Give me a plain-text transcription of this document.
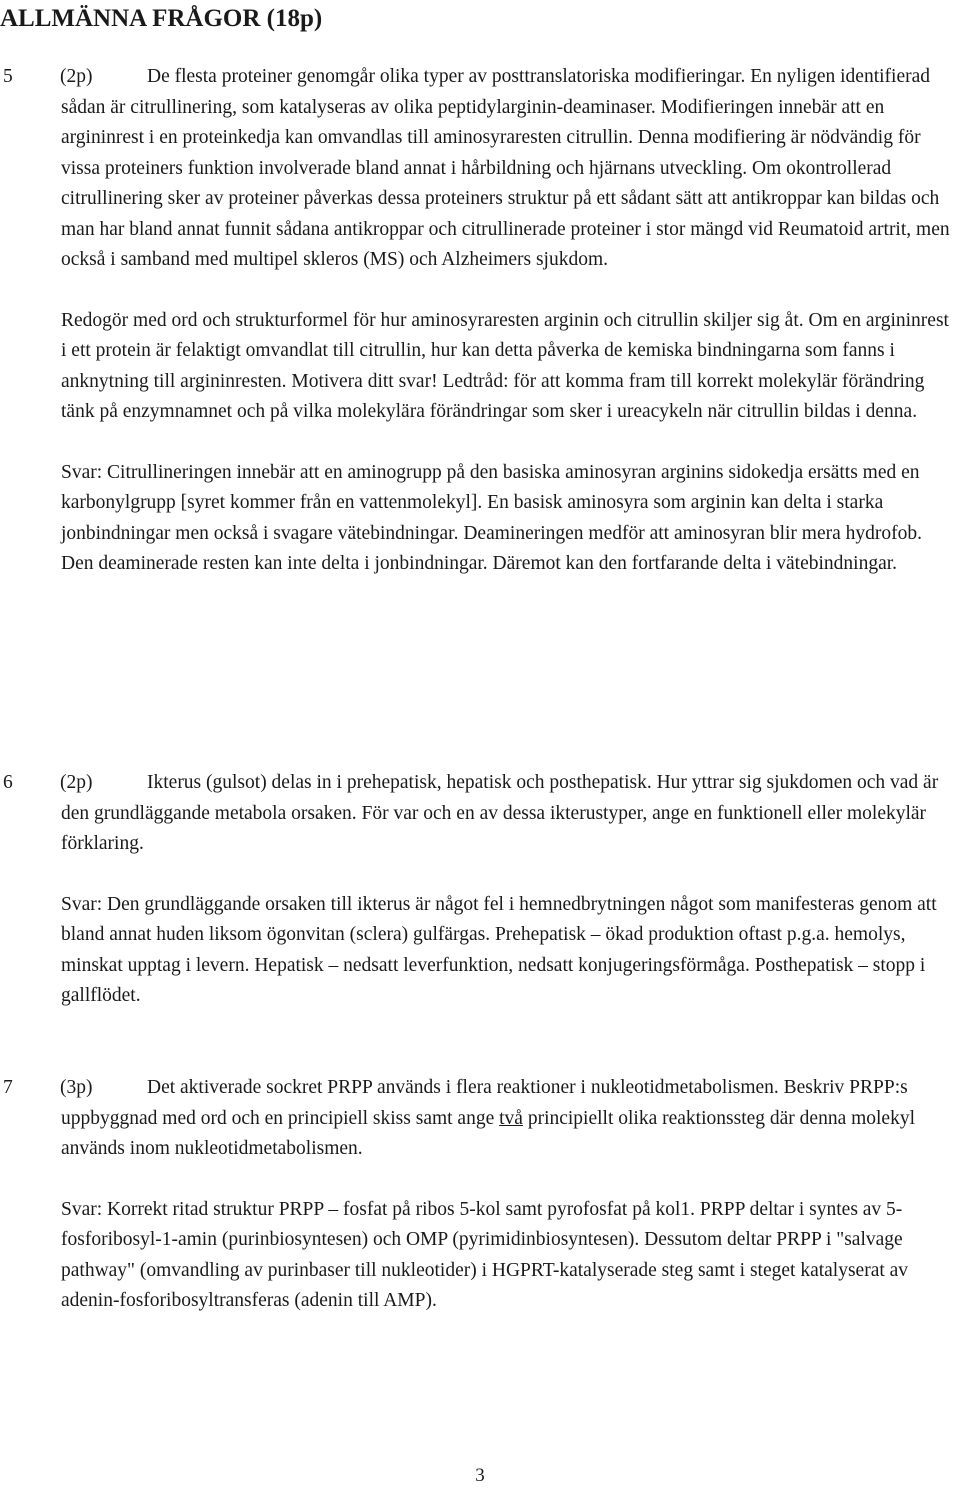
ALLMÄNNA FRÅGOR (18p)
5 (2p)	De flesta proteiner genomgår olika typer av posttranslatoriska modifieringar. En nyligen identifierad sådan är citrullinering, som katalyseras av olika peptidylarginin-deaminaser. Modifieringen innebär att en argininrest i en proteinkedja kan omvandlas till aminosyraresten citrullin. Denna modifiering är nödvändig för vissa proteiners funktion involverade bland annat i hårbildning och hjärnans utveckling. Om okontrollerad citrullinering sker av proteiner påverkas dessa proteiners struktur på ett sådant sätt att antikroppar kan bildas och man har bland annat funnit sådana antikroppar och citrullinerade proteiner i stor mängd vid Reumatoid artrit, men också i samband med multipel skleros (MS) och Alzheimers sjukdom.

Redogör med ord och strukturformel för hur aminosyraresten arginin och citrullin skiljer sig åt. Om en argininrest i ett protein är felaktigt omvandlat till citrullin, hur kan detta påverka de kemiska bindningarna som fanns i anknytning till argininresten. Motivera ditt svar! Ledtråd: för att komma fram till korrekt molekylär förändring tänk på enzymnamnet och på vilka molekylära förändringar som sker i ureacykeln när citrullin bildas i denna.

Svar: Citrullineringen innebär att en aminogrupp på den basiska aminosyran arginins sidokedja ersätts med en karbonylgrupp [syret kommer från en vattenmolekyl]. En basisk aminosyra som arginin kan delta i starka jonbindningar men också i svagare vätebindningar. Deamineringen medför att aminosyran blir mera hydrofob. Den deaminerade resten kan inte delta i jonbindningar. Däremot kan den fortfarande delta i vätebindningar.

6 (2p)	Ikterus (gulsot) delas in i prehepatisk, hepatisk och posthepatisk. Hur yttrar sig sjukdomen och vad är den grundläggande metabola orsaken. För var och en av dessa ikterustyper, ange en funktionell eller molekylär förklaring.

Svar: Den grundläggande orsaken till ikterus är något fel i hemnedbrytningen något som manifesteras genom att bland annat huden liksom ögonvitan (sclera) gulfärgas. Prehepatisk – ökad produktion oftast p.g.a. hemolys, minskat upptag i levern. Hepatisk – nedsatt leverfunktion, nedsatt konjugeringsförmåga. Posthepatisk – stopp i gallflödet.

7 (3p)	Det aktiverade sockret PRPP används i flera reaktioner i nukleotidmetabolismen. Beskriv PRPP:s uppbyggnad med ord och en principiell skiss samt ange två principiellt olika reaktionssteg där denna molekyl används inom nukleotidmetabolismen.

Svar: Korrekt ritad struktur PRPP – fosfat på ribos 5-kol samt pyrofosfat på kol1. PRPP deltar i syntes av 5-fosforibosyl-1-amin (purinbiosyntesen) och OMP (pyrimidinbiosyntesen). Dessutom deltar PRPP i "salvage pathway" (omvandling av purinbaser till nukleotider) i HGPRT-katalyserade steg samt i steget katalyserat av adenin-fosforibosyltransferas (adenin till AMP).

3
